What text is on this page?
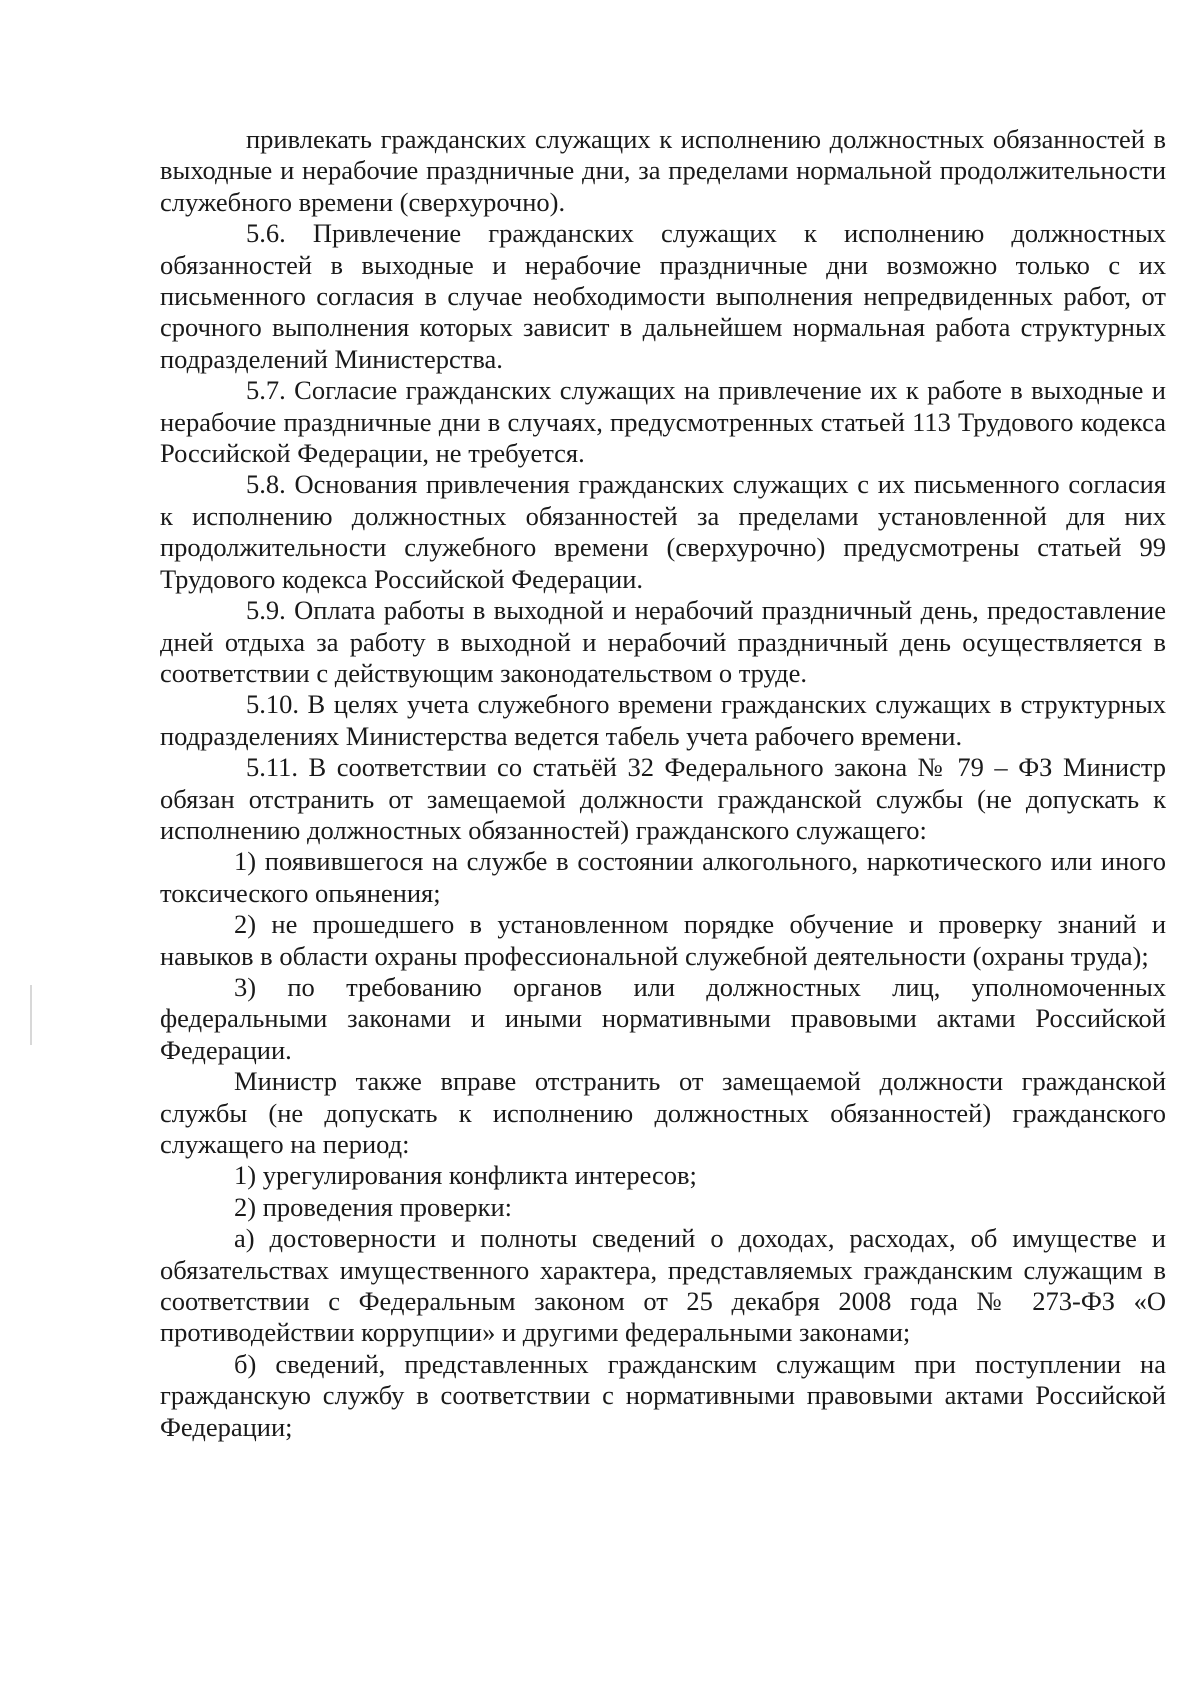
привлекать гражданских служащих к исполнению должностных обязанностей в выходные и нерабочие праздничные дни, за пределами нормальной продолжительности служебного времени (сверхурочно).

5.6. Привлечение гражданских служащих к исполнению должностных обязанностей в выходные и нерабочие праздничные дни возможно только с их письменного согласия в случае необходимости выполнения непредвиденных работ, от срочного выполнения которых зависит в дальнейшем нормальная работа структурных подразделений Министерства.

5.7. Согласие гражданских служащих на привлечение их к работе в выходные и нерабочие праздничные дни в случаях, предусмотренных статьей 113 Трудового кодекса Российской Федерации, не требуется.

5.8. Основания привлечения гражданских служащих с их письменного согласия к исполнению должностных обязанностей за пределами установленной для них продолжительности служебного времени (сверхурочно) предусмотрены статьей 99 Трудового кодекса Российской Федерации.

5.9. Оплата работы в выходной и нерабочий праздничный день, предоставление дней отдыха за работу в выходной и нерабочий праздничный день осуществляется в соответствии с действующим законодательством о труде.

5.10. В целях учета служебного времени гражданских служащих в структурных подразделениях Министерства ведется табель учета рабочего времени.

5.11. В соответствии со статьёй 32 Федерального закона № 79 – ФЗ Министр обязан отстранить от замещаемой должности гражданской службы (не допускать к исполнению должностных обязанностей) гражданского служащего:

1) появившегося на службе в состоянии алкогольного, наркотического или иного токсического опьянения;

2) не прошедшего в установленном порядке обучение и проверку знаний и навыков в области охраны профессиональной служебной деятельности (охраны труда);

3) по требованию органов или должностных лиц, уполномоченных федеральными законами и иными нормативными правовыми актами Российской Федерации.

Министр также вправе отстранить от замещаемой должности гражданской службы (не допускать к исполнению должностных обязанностей) гражданского служащего на период:

1) урегулирования конфликта интересов;

2) проведения проверки:

а) достоверности и полноты сведений о доходах, расходах, об имуществе и обязательствах имущественного характера, представляемых гражданским служащим в соответствии с Федеральным законом от 25 декабря 2008 года № 273-ФЗ «О противодействии коррупции» и другими федеральными законами;

б) сведений, представленных гражданским служащим при поступлении на гражданскую службу в соответствии с нормативными правовыми актами Российской Федерации;
